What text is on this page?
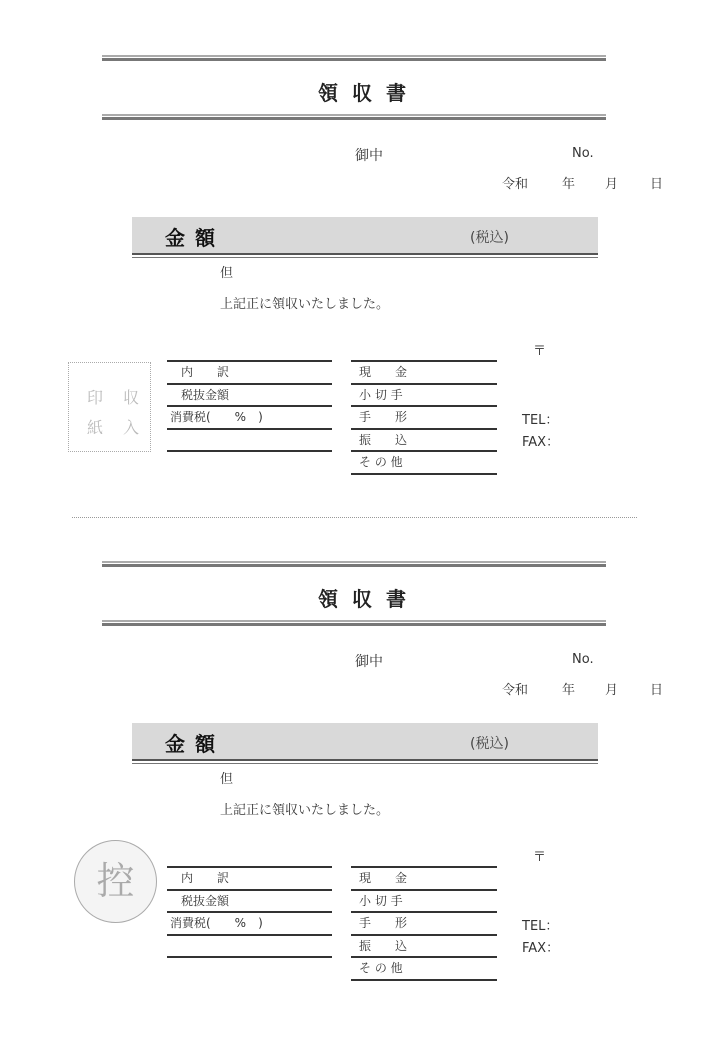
領収書
御中	No.
令和	年 月 日
金額	(税込)
但
上記正に領収いたしました。
〒
TEL：
FAX：
印 収
紙 入
内　　訳
税抜金額
消費税(　　%　)
現　　金
小 切 手
手　　形
振　　込
そ の 他
領収書
御中	No.
令和	年 月 日
金額	(税込)
但
上記正に領収いたしました。
〒
TEL：
FAX：
控	内　　訳
税抜金額
消費税(　　%　)
現　　金
小 切 手
手　　形
振　　込
そ の 他
